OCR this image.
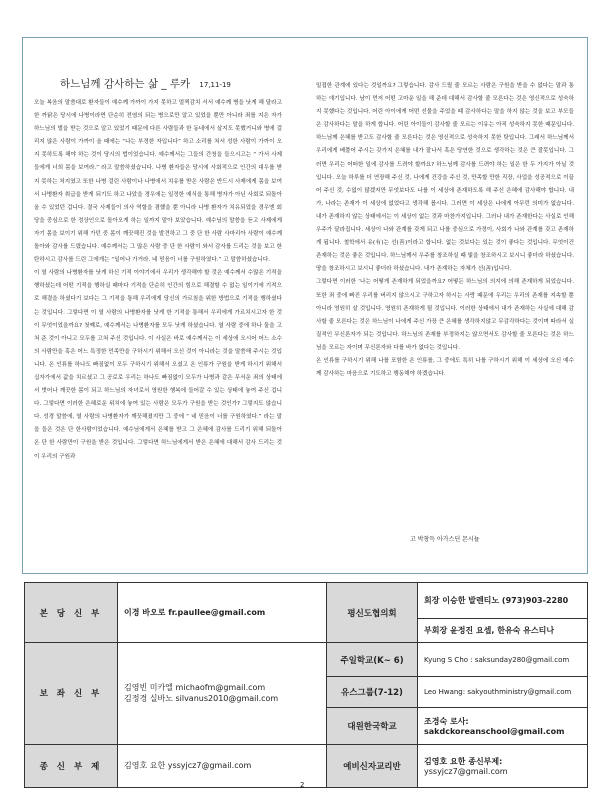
하느님께 감사하는 삶 _ 루카 17,11-19

오늘 복음의 말씀대로 환자들이 예수께 가까이 가지 못하고 멀찍감치 서서 예수께 병을 낫게 해 달라고 한 까닭은 당시에 나병이라면 단순히 전염의 되는 병으로만 알고 있었을 뿐만 아니라 죄를 지은 자가 하느님의 벌을 받는 것으로 알고 있었기 때문에 다른 사람들과 한 동네에서 살지도 못했거니와 병에 걸리지 않은 사람이 가까이 올 때에는 “나는 부정한 자입니다” 하고 소리를 쳐서 성한 사람이 가까이 오지 못하도록 해야 하는 것이 당시의 법이었습니다. 예수께서는 그들의 간청을 들으시고는 “ 가서 사제들에게 너희 몸을 보여라.” 라고 말씀하셨습니다. 나병 환자들은 당시에 사회적으로 인간의 대우를 받지 못하는 처지였고 또한 나병 걸린 사람이나 나병에서 치유를 받은 사람은 반드시 사제에게 몸을 보여서 나병환자 취급을 받게 되기도 하고 나았을 경우에는 일정한 예식을 통해 병자가 아닌 사회로 되돌아 올 수 있었던 겁니다. 결국 사제들이 의사 역할을 겸했을 뿐 아니라 나병 환자가 치유되었을 경우엔 회당을 중심으로 한 정상인으로 돌아오게 하는 일까지 맡아 보았습니다. 예수님의 말씀을 듣고 사제에게 자기 몸을 보이기 위해 가던 중 몸이 깨끗해진 것을 발견하고 그 중 단 한 사람 사마리아 사람이 예수께 돌아와 감사를 드렸습니다. 예수께서는 그 많은 사람 중 단 한 사람이 와서 감사를 드리는 것을 보고 한탄하시고 감사를 드린 그에게는 “일어나 가거라. 네 믿음이 너를 구원하였다.” 고 말씀하셨습니다.

이 열 사람의 나병환자를 낫게 하신 기적 이야기에서 우리가 생각해야 할 것은 예수께서 수많은 기적을 행하셨는데 어떤 기적을 행하실 때마다 기적을 단순히 인간의 힘으로 해결할 수 없는 일이기에 기적으로 해결을 하셨다기 보다는 그 기적을 통해 우리에게 당신의 가르침을 위한 방법으로 기적을 행하셨다는 것입니다. 그렇다면 이 열 사람의 나병환자를 낫게 한 기적을 통해서 우리에게 가르치시고자 한 것이 무엇이었을까요? 첫째로, 예수께서는 나병환자를 모두 낫게 하셨습니다. 열 사람 중에 하나 둘을 고쳐 준 것이 아니고 모두를 고쳐 주신 것입니다. 이 사실은 바로 예수께서는 이 세상에 오시어 어느 소수의 사람만을 혹은 어느 특정한 민족만을 구하시기 위해서 오신 것이 아니라는 것을 말씀해 주시는 것입니다. 온 인류를 하나도 빠짐없이 모두 구하시기 위해서 오셨고 온 인류가 구원을 받게 하시기 위해서 십자가에서 값을 치르셨고 그 공로로 우리는 하나도 빠짐없이 모두가 나병과 같은 무서운 죄의 상태에서 벗어나 깨끗한 몸이 되고 하느님의 자녀로서 영원한 행복에 들어갈 수 있는 상태에 놓여 주신 겁니다. 그렇다면 이러한 은혜로운 위치에 놓여 있는 사람은 모두가 구원을 받는 것인가? 그렇지도 않습니다. 성경 말씀에, 열 사람의 나병환자가 깨끗해졌지만 그 중에 “ 네 믿음이 너를 구원하였다.” 라는 말을 들은 것은 단 한사람이었습니다. 예수님에게서 은혜를 받고 그 은혜에 감사를 드리기 위해 되돌아 온 단 한 사람만이 구원을 받은 것입니다. 그렇다면 하느님에게서 받은 은혜에 대해서 감사 드리는 것이 우리의 구원과

밀접한 관계에 있다는 것일까요? 그렇습니다. 감사 드릴 줄 모르는 사람은 구원을 받을 수 없다는 말과 통하는 얘기입니다. 남이 먼저 어떤 고마운 일을 해 준데 대해서 감사할 줄 모른다는 것은 영신적으로 성숙하지 못했다는 것입니다. 어린 아이에게 어떤 선물을 주었을 때 감사하다는 말을 하지 않는 것을 보고 부모들은 감사하다는 말을 하게 합니다. 어린 아이들이 감사할 줄 모르는 이유는 아직 성숙하지 못한 때문입니다. 하느님께 은혜를 받고도 감사할 줄 모른다는 것은 영신적으로 성숙하지 못한 탓입니다. 그래서 하느님께서 우리에게 베풀어 주시는 갖가지 은혜를 내가 잘나서 혹은 당연한 것으로 생각하는 것은 큰 잘못입니다. 그러면 우리는 어떠한 일에 감사를 드려야 할까요? 하느님께 감사를 드려야 하는 일은 한 두 가지가 아닐 것입니다. 오늘 하루를 더 연장해 주신 것, 나에게 건강을 주신 것, 만족할 만한 직장, 사업을 성공적으로 이끌어 주신 것, 수없이 많겠지만 무엇보다도 나를 이 세상에 존재하도록 해 주신 은혜에 감사해야 합니다. 내가, 나라는 존재가 이 세상에 없었다고 생각해 봅시다. 그러면 이 세상은 나에게 아무런 의미가 없습니다. 내가 존재하지 않는 상태에서는 이 세상이 없는 것과 마찬가지입니다. 그러나 내가 존재한다는 사실로 인해 우주가 달라집니다. 세상이 나와 관계를 갖게 되고 나를 중심으로 가정이, 사회가 나와 관계를 갖고 존재하게 됩니다. 철학에서 유(有)는 선(善)이라고 합니다. 없는 것보다는 있는 것이 좋다는 것입니다. 무엇이건 존재하는 것은 좋은 것입니다. 하느님께서 우주를 창조하실 때 빛을 창조하시고 보시니 좋더라 하셨습니다. 땅을 창조하시고 보시니 좋더라 하셨습니다. 내가 존재하는 자체가 선(善)입니다.

그렇다면 이러한 ‘나는 어떻게 존재하게 되었을까요? 어떻든 하느님의 의지에 의해 존재하게 되었습니다. 또한 죄 중에 빠진 우리를 버리지 않으시고 구하고자 하시는 사랑 때문에 우리는 우리의 존재를 지속할 뿐 아니라 영원히 살 것입니다. 영원히 존재하게 될 것입니다. 이러한 상태에서 내가 존재하는 사실에 대해 감사할 줄 모른다는 것은 하느님이 나에게 주신 가장 큰 은혜를 생각하지않고 무감각하다는 것이며 따라서 실질적인 무신론자가 되는 것입니다. 하느님의 존재를 부정하지는 않으면서도 감사할 줄 모른다는 것은 하느님을 모르는 자이며 무신론자와 다를 바가 없다는 것입니다.

온 인류를 구하시기 위해 나를 포함한 온 인류를, 그 중에도 특히 나를 구하시기 위해 이 세상에 오신 예수께 감사하는 마음으로 기도하고 행동해야 하겠습니다.

고 박창득 아가스딘 몬시뇰
본 당 신 부	이경 바오로 fr.paullee@gmail.com	평신도협의회	회장 이승한 발렌티노 (973)903-2280
			부회장 윤정진 요셉, 한유숙 유스티나
보 좌 신 부	김영빈 미카엘 michaofm@gmail.com
김정경 실바노 silvanus2010@gmail.com	주일학교(K~ 6)	Kyung S Cho : saksunday280@gmail.com
		유스그룹(7-12)	Leo Hwang: sakyouthministry@gmail.com
		대원한국학교	조경숙 로사:
sakdckoreanschool@gmail.com

종 신 부 제	김영호 요한 yssyjcz7@gmail.com	예비신자교리반	김영호 요한 종신부제:
yssyjcz7@gmail.com
2
